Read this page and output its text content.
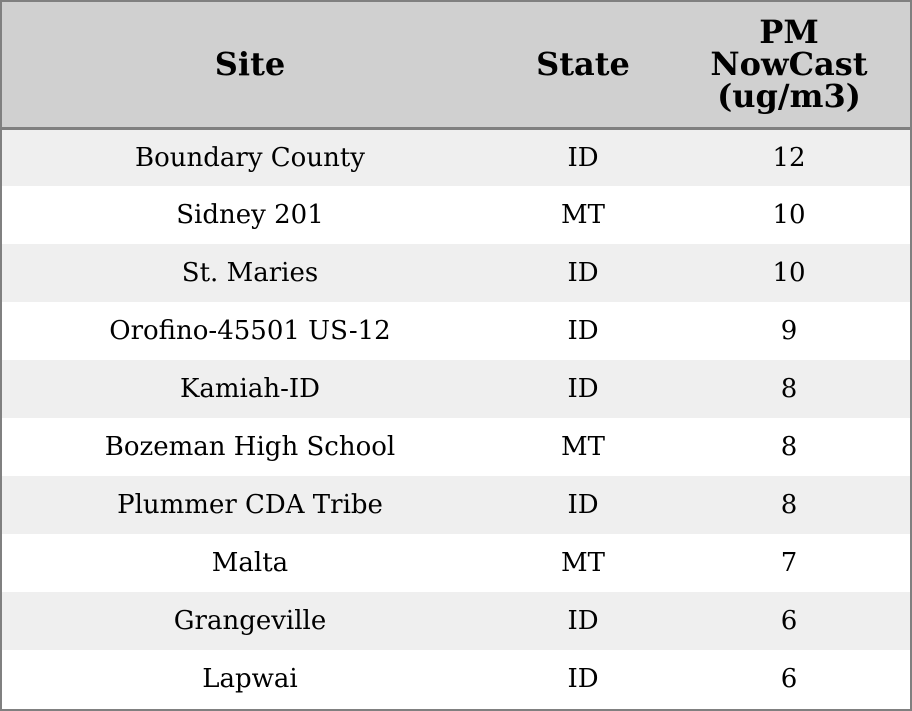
Site	State	PM
NowCast
(ug/m3)
Boundary County	ID	12
Sidney 201	MT	10
St. Maries	ID	10
Orofino-45501 US-12	ID	9
Kamiah-ID	ID	8
Bozeman High School	MT	8
Plummer CDA Tribe	ID	8
Malta	MT	7
Grangeville	ID	6
Lapwai	ID	6
